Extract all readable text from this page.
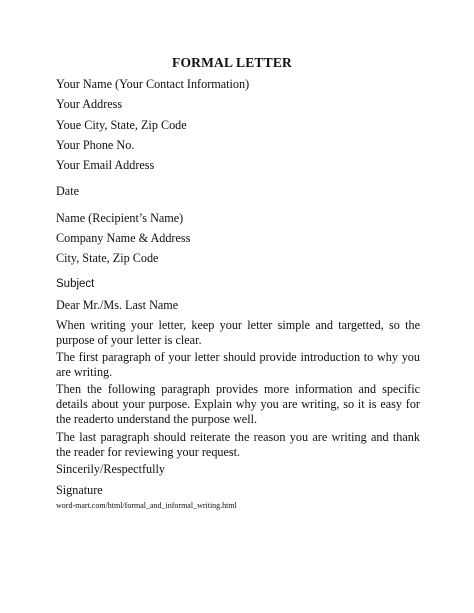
FORMAL LETTER
Your Name (Your Contact Information)
Your Address
Youe City, State, Zip Code
Your Phone No.
Your Email Address
Date
Name (Recipient’s Name)
Company Name & Address
City, State, Zip Code
Subject
Dear Mr./Ms. Last Name
When writing your letter, keep your letter simple and targetted, so the purpose of your letter is clear.
The first paragraph of your letter should provide introduction to why you are writing.
Then the following paragraph provides more information and specific details about your purpose. Explain why you are writing, so it is easy for the readerto understand the purpose well.
The last paragraph should reiterate the reason you are writing and thank the reader for reviewing your request.
Sincerily/Respectfully
Signature
word-mart.com/html/formal_and_informal_writing.html
